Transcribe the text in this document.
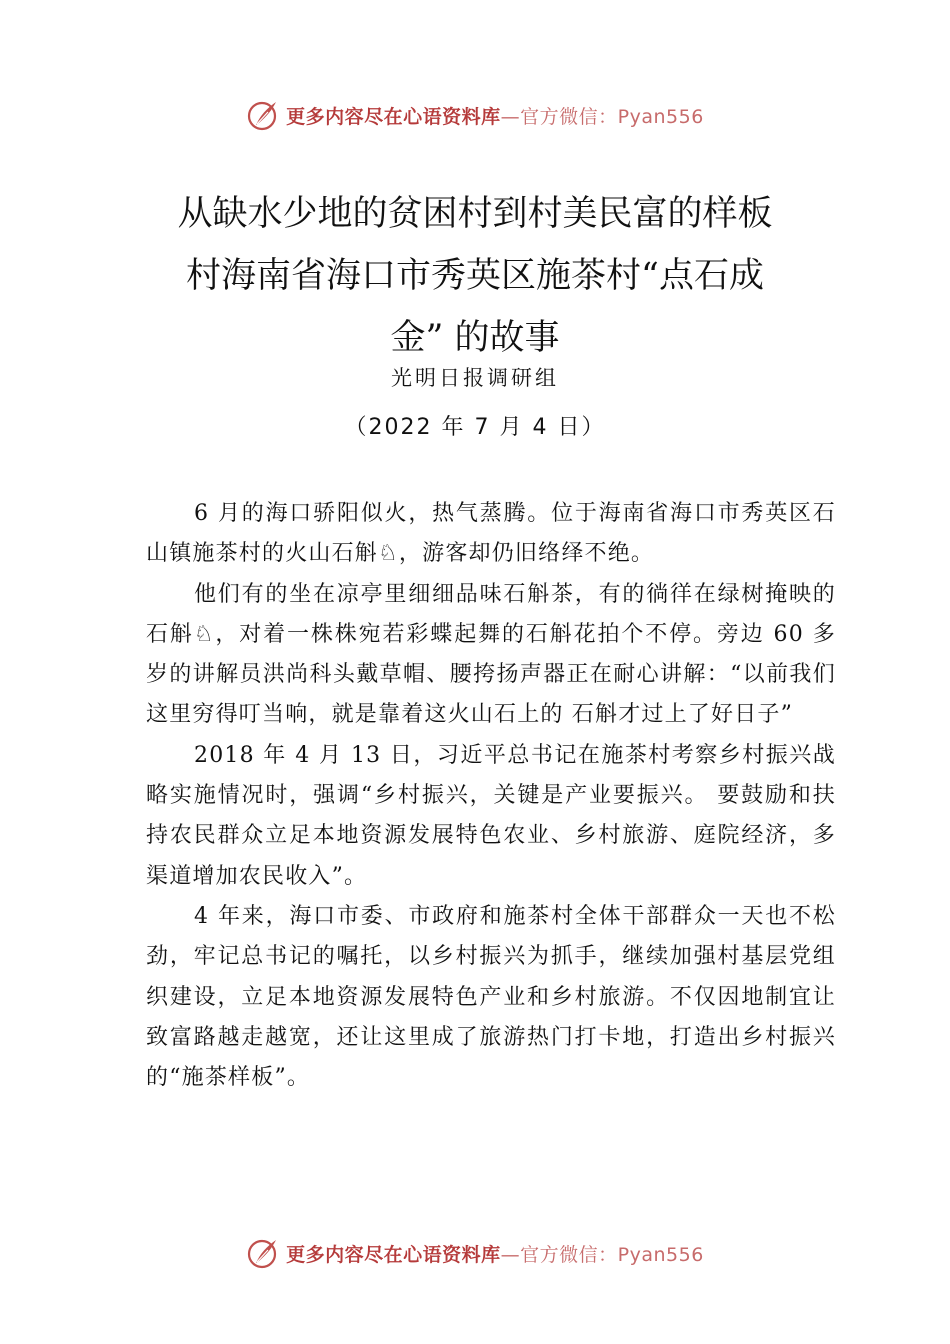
更多内容尽在心语资料库—官方微信：Pyan556
从缺水少地的贫困村到村美民富的样板
村海南省海口市秀英区施茶村“点石成
金” 的故事
光明日报调研组
（2022 年 7 月 4 日）

6 月的海口骄阳似火，热气蒸腾。位于海南省海口市秀英区石山镇施茶村的火山石斛♘，游客却仍旧络绎不绝。

他们有的坐在凉亭里细细品味石斛茶，有的徜徉在绿树掩映的石斛♘，对着一株株宛若彩蝶起舞的石斛花拍个不停。旁边 60 多岁的讲解员洪尚科头戴草帽、腰挎扬声器正在耐心讲解：“以前我们这里穷得叮当响，就是靠着这火山石上的 石斛才过上了好日子”

2018 年 4 月 13 日，习近平总书记在施茶村考察乡村振兴战略实施情况时，强调“乡村振兴，关键是产业要振兴。 要鼓励和扶持农民群众立足本地资源发展特色农业、乡村旅游、庭院经济，多渠道增加农民收入”。

4 年来，海口市委、市政府和施茶村全体干部群众一天也不松劲，牢记总书记的嘱托，以乡村振兴为抓手，继续加强村基层党组织建设，立足本地资源发展特色产业和乡村旅游。不仅因地制宜让致富路越走越宽，还让这里成了旅游热门打卡地，打造出乡村振兴的“施茶样板”。

更多内容尽在心语资料库—官方微信：Pyan556
